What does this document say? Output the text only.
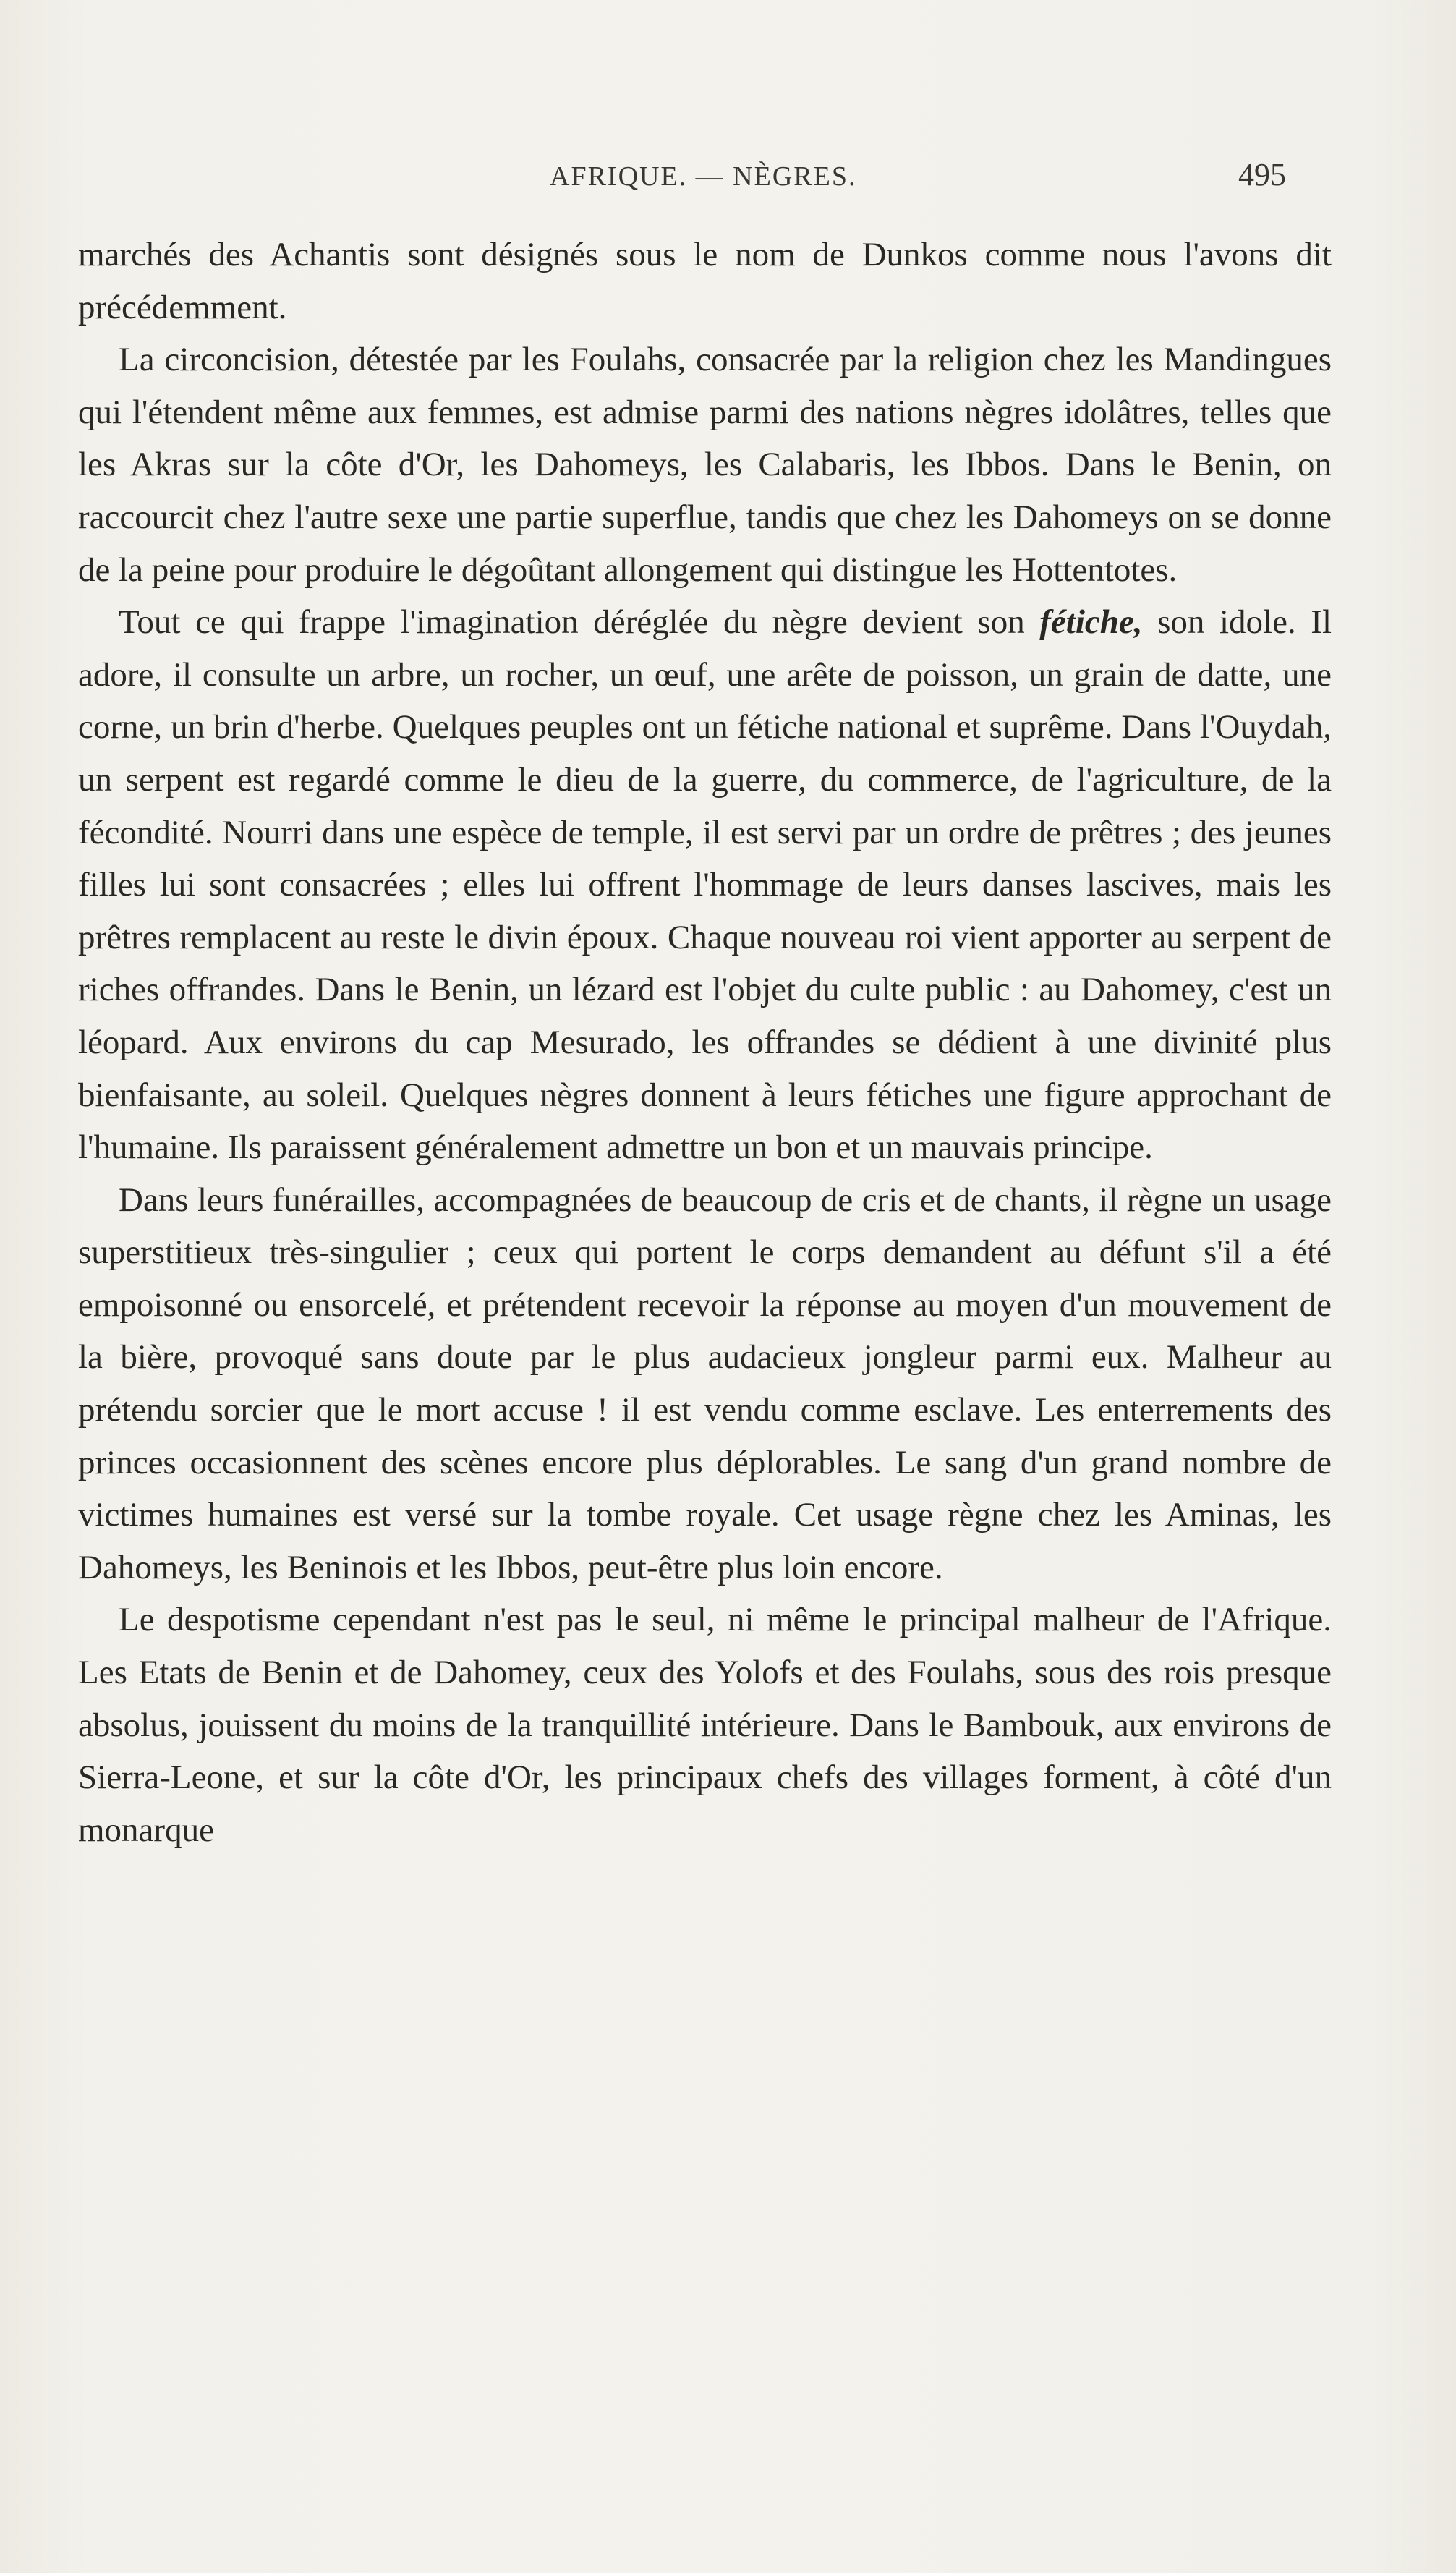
AFRIQUE. — NÈGRES.	495

marchés des Achantis sont désignés sous le nom de Dunkos comme nous l'avons dit précédemment.

La circoncision, détestée par les Foulahs, consacrée par la religion chez les Mandingues qui l'étendent même aux femmes, est admise parmi des nations nègres idolâtres, telles que les Akras sur la côte d'Or, les Dahomeys, les Calabaris, les Ibbos. Dans le Benin, on raccourcit chez l'autre sexe une partie superflue, tandis que chez les Dahomeys on se donne de la peine pour produire le dégoûtant allongement qui distingue les Hottentotes.

Tout ce qui frappe l'imagination déréglée du nègre devient son fétiche, son idole. Il adore, il consulte un arbre, un rocher, un œuf, une arête de poisson, un grain de datte, une corne, un brin d'herbe. Quelques peuples ont un fétiche national et suprême. Dans l'Ouydah, un serpent est regardé comme le dieu de la guerre, du commerce, de l'agriculture, de la fécondité. Nourri dans une espèce de temple, il est servi par un ordre de prêtres ; des jeunes filles lui sont consacrées ; elles lui offrent l'hommage de leurs danses lascives, mais les prêtres remplacent au reste le divin époux. Chaque nouveau roi vient apporter au serpent de riches offrandes. Dans le Benin, un lézard est l'objet du culte public : au Dahomey, c'est un léopard. Aux environs du cap Mesurado, les offrandes se dédient à une divinité plus bienfaisante, au soleil. Quelques nègres donnent à leurs fétiches une figure approchant de l'humaine. Ils paraissent généralement admettre un bon et un mauvais principe.

Dans leurs funérailles, accompagnées de beaucoup de cris et de chants, il règne un usage superstitieux très-singulier ; ceux qui portent le corps demandent au défunt s'il a été empoisonné ou ensorcelé, et prétendent recevoir la réponse au moyen d'un mouvement de la bière, provoqué sans doute par le plus audacieux jongleur parmi eux. Malheur au prétendu sorcier que le mort accuse ! il est vendu comme esclave. Les enterrements des princes occasionnent des scènes encore plus déplorables. Le sang d'un grand nombre de victimes humaines est versé sur la tombe royale. Cet usage règne chez les Aminas, les Dahomeys, les Beninois et les Ibbos, peut-être plus loin encore.

Le despotisme cependant n'est pas le seul, ni même le principal malheur de l'Afrique. Les Etats de Benin et de Dahomey, ceux des Yolofs et des Foulahs, sous des rois presque absolus, jouissent du moins de la tranquillité intérieure. Dans le Bambouk, aux environs de Sierra-Leone, et sur la côte d'Or, les principaux chefs des villages forment, à côté d'un monarque
